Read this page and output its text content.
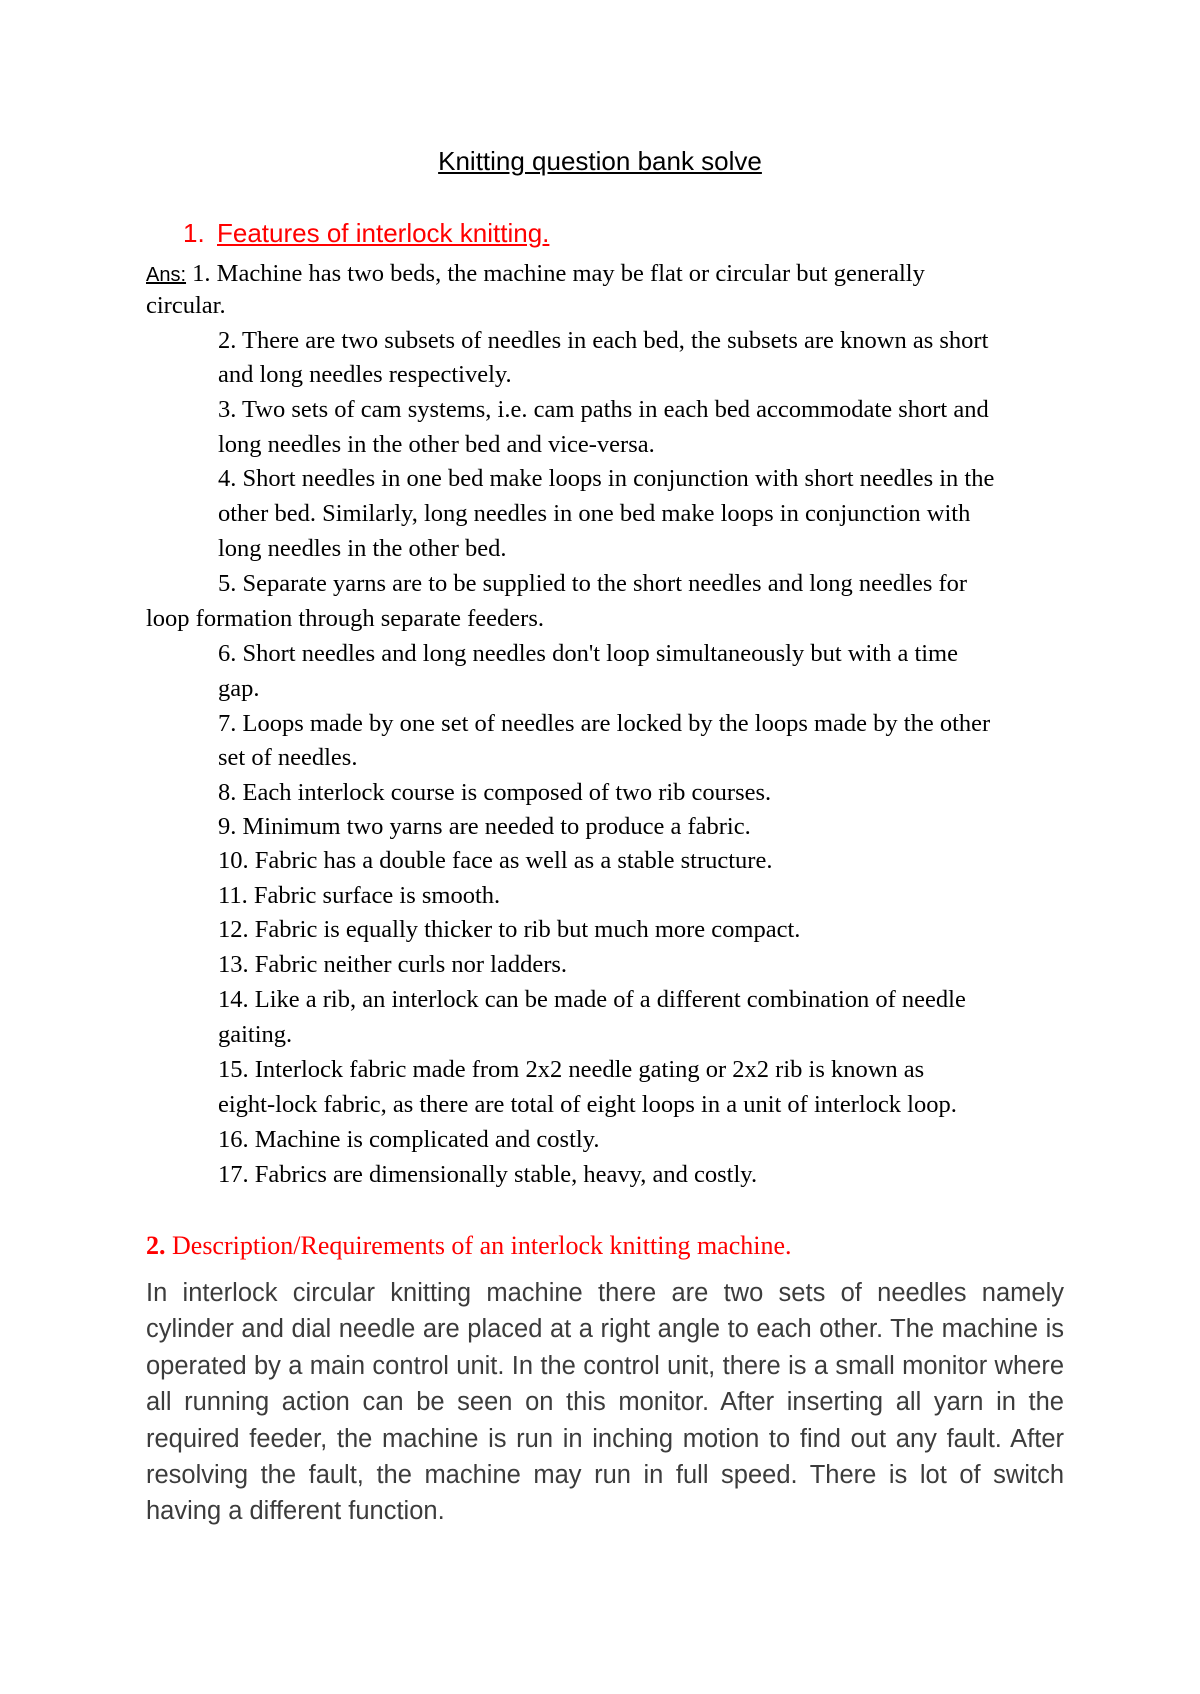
Knitting question bank solve
1. Features of interlock knitting.
Ans: 1. Machine has two beds, the machine may be flat or circular but generally
circular.
2. There are two subsets of needles in each bed, the subsets are known as short
and long needles respectively.
3. Two sets of cam systems, i.e. cam paths in each bed accommodate short and
long needles in the other bed and vice-versa.
4. Short needles in one bed make loops in conjunction with short needles in the
other bed. Similarly, long needles in one bed make loops in conjunction with
long needles in the other bed.
5. Separate yarns are to be supplied to the short needles and long needles for
loop formation through separate feeders.
6. Short needles and long needles don't loop simultaneously but with a time
gap.
7. Loops made by one set of needles are locked by the loops made by the other
set of needles.
8. Each interlock course is composed of two rib courses.
9. Minimum two yarns are needed to produce a fabric.
10. Fabric has a double face as well as a stable structure.
11. Fabric surface is smooth.
12. Fabric is equally thicker to rib but much more compact.
13. Fabric neither curls nor ladders.
14. Like a rib, an interlock can be made of a different combination of needle
gaiting.
15. Interlock fabric made from 2x2 needle gating or 2x2 rib is known as
eight-lock fabric, as there are total of eight loops in a unit of interlock loop.
16. Machine is complicated and costly.
17. Fabrics are dimensionally stable, heavy, and costly.
2. Description/Requirements of an interlock knitting machine.
In interlock circular knitting machine there are two sets of needles namely cylinder and dial needle are placed at a right angle to each other. The machine is operated by a main control unit. In the control unit, there is a small monitor where all running action can be seen on this monitor. After inserting all yarn in the required feeder, the machine is run in inching motion to find out any fault. After resolving the fault, the machine may run in full speed. There is lot of switch having a different function.
